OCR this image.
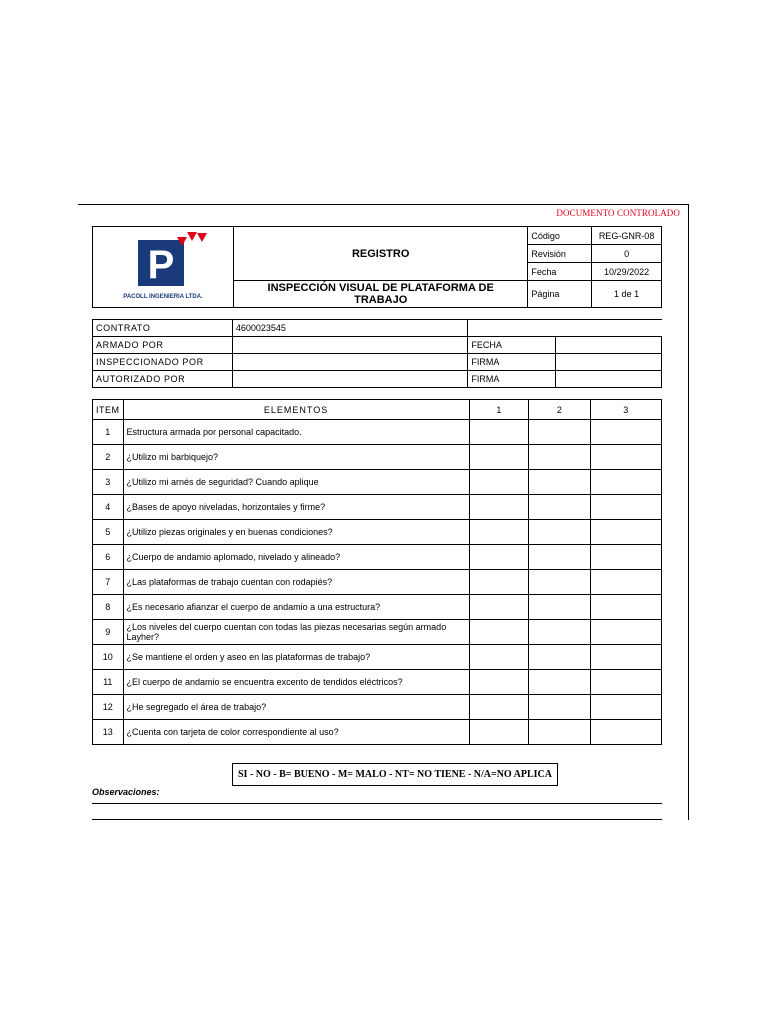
DOCUMENTO CONTROLADO
P
PACOLL INGENIERIA LTDA.	REGISTRO	Código	REG-GNR-08
		Revisión	0
		Fecha	10/29/2022
	INSPECCIÓN VISUAL DE PLATAFORMA DE TRABAJO	Página	1 de 1
CONTRATO	4600023545		
ARMADO POR		FECHA	
INSPECCIONADO POR		FIRMA	
AUTORIZADO POR		FIRMA	
ITEM	ELEMENTOS	1	2	3
1	Estructura armada por personal capacitado.			
2	¿Utilizo mi barbiquejo?			
3	¿Utilizo mi arnés de seguridad? Cuando aplique			
4	¿Bases de apoyo niveladas, horizontales y firme?			
5	¿Utilizo piezas originales y en buenas condiciones?			
6	¿Cuerpo de andamio aplomado, nivelado y alineado?			
7	¿Las plataformas de trabajo cuentan con rodapiés?			
8	¿Es necesario afianzar el cuerpo de andamio a una estructura?			
9	¿Los niveles del cuerpo cuentan con todas las piezas necesarias según armado Layher?			
10	¿Se mantiene el orden y aseo en las plataformas de trabajo?			
11	¿El cuerpo de andamio se encuentra excento de tendidos eléctricos?			
12	¿He segregado el área de trabajo?			
13	¿Cuenta con tarjeta de color correspondiente al uso?			
SI - NO - B= BUENO - M= MALO - NT= NO TIENE - N/A=NO APLICA
Observaciones:
